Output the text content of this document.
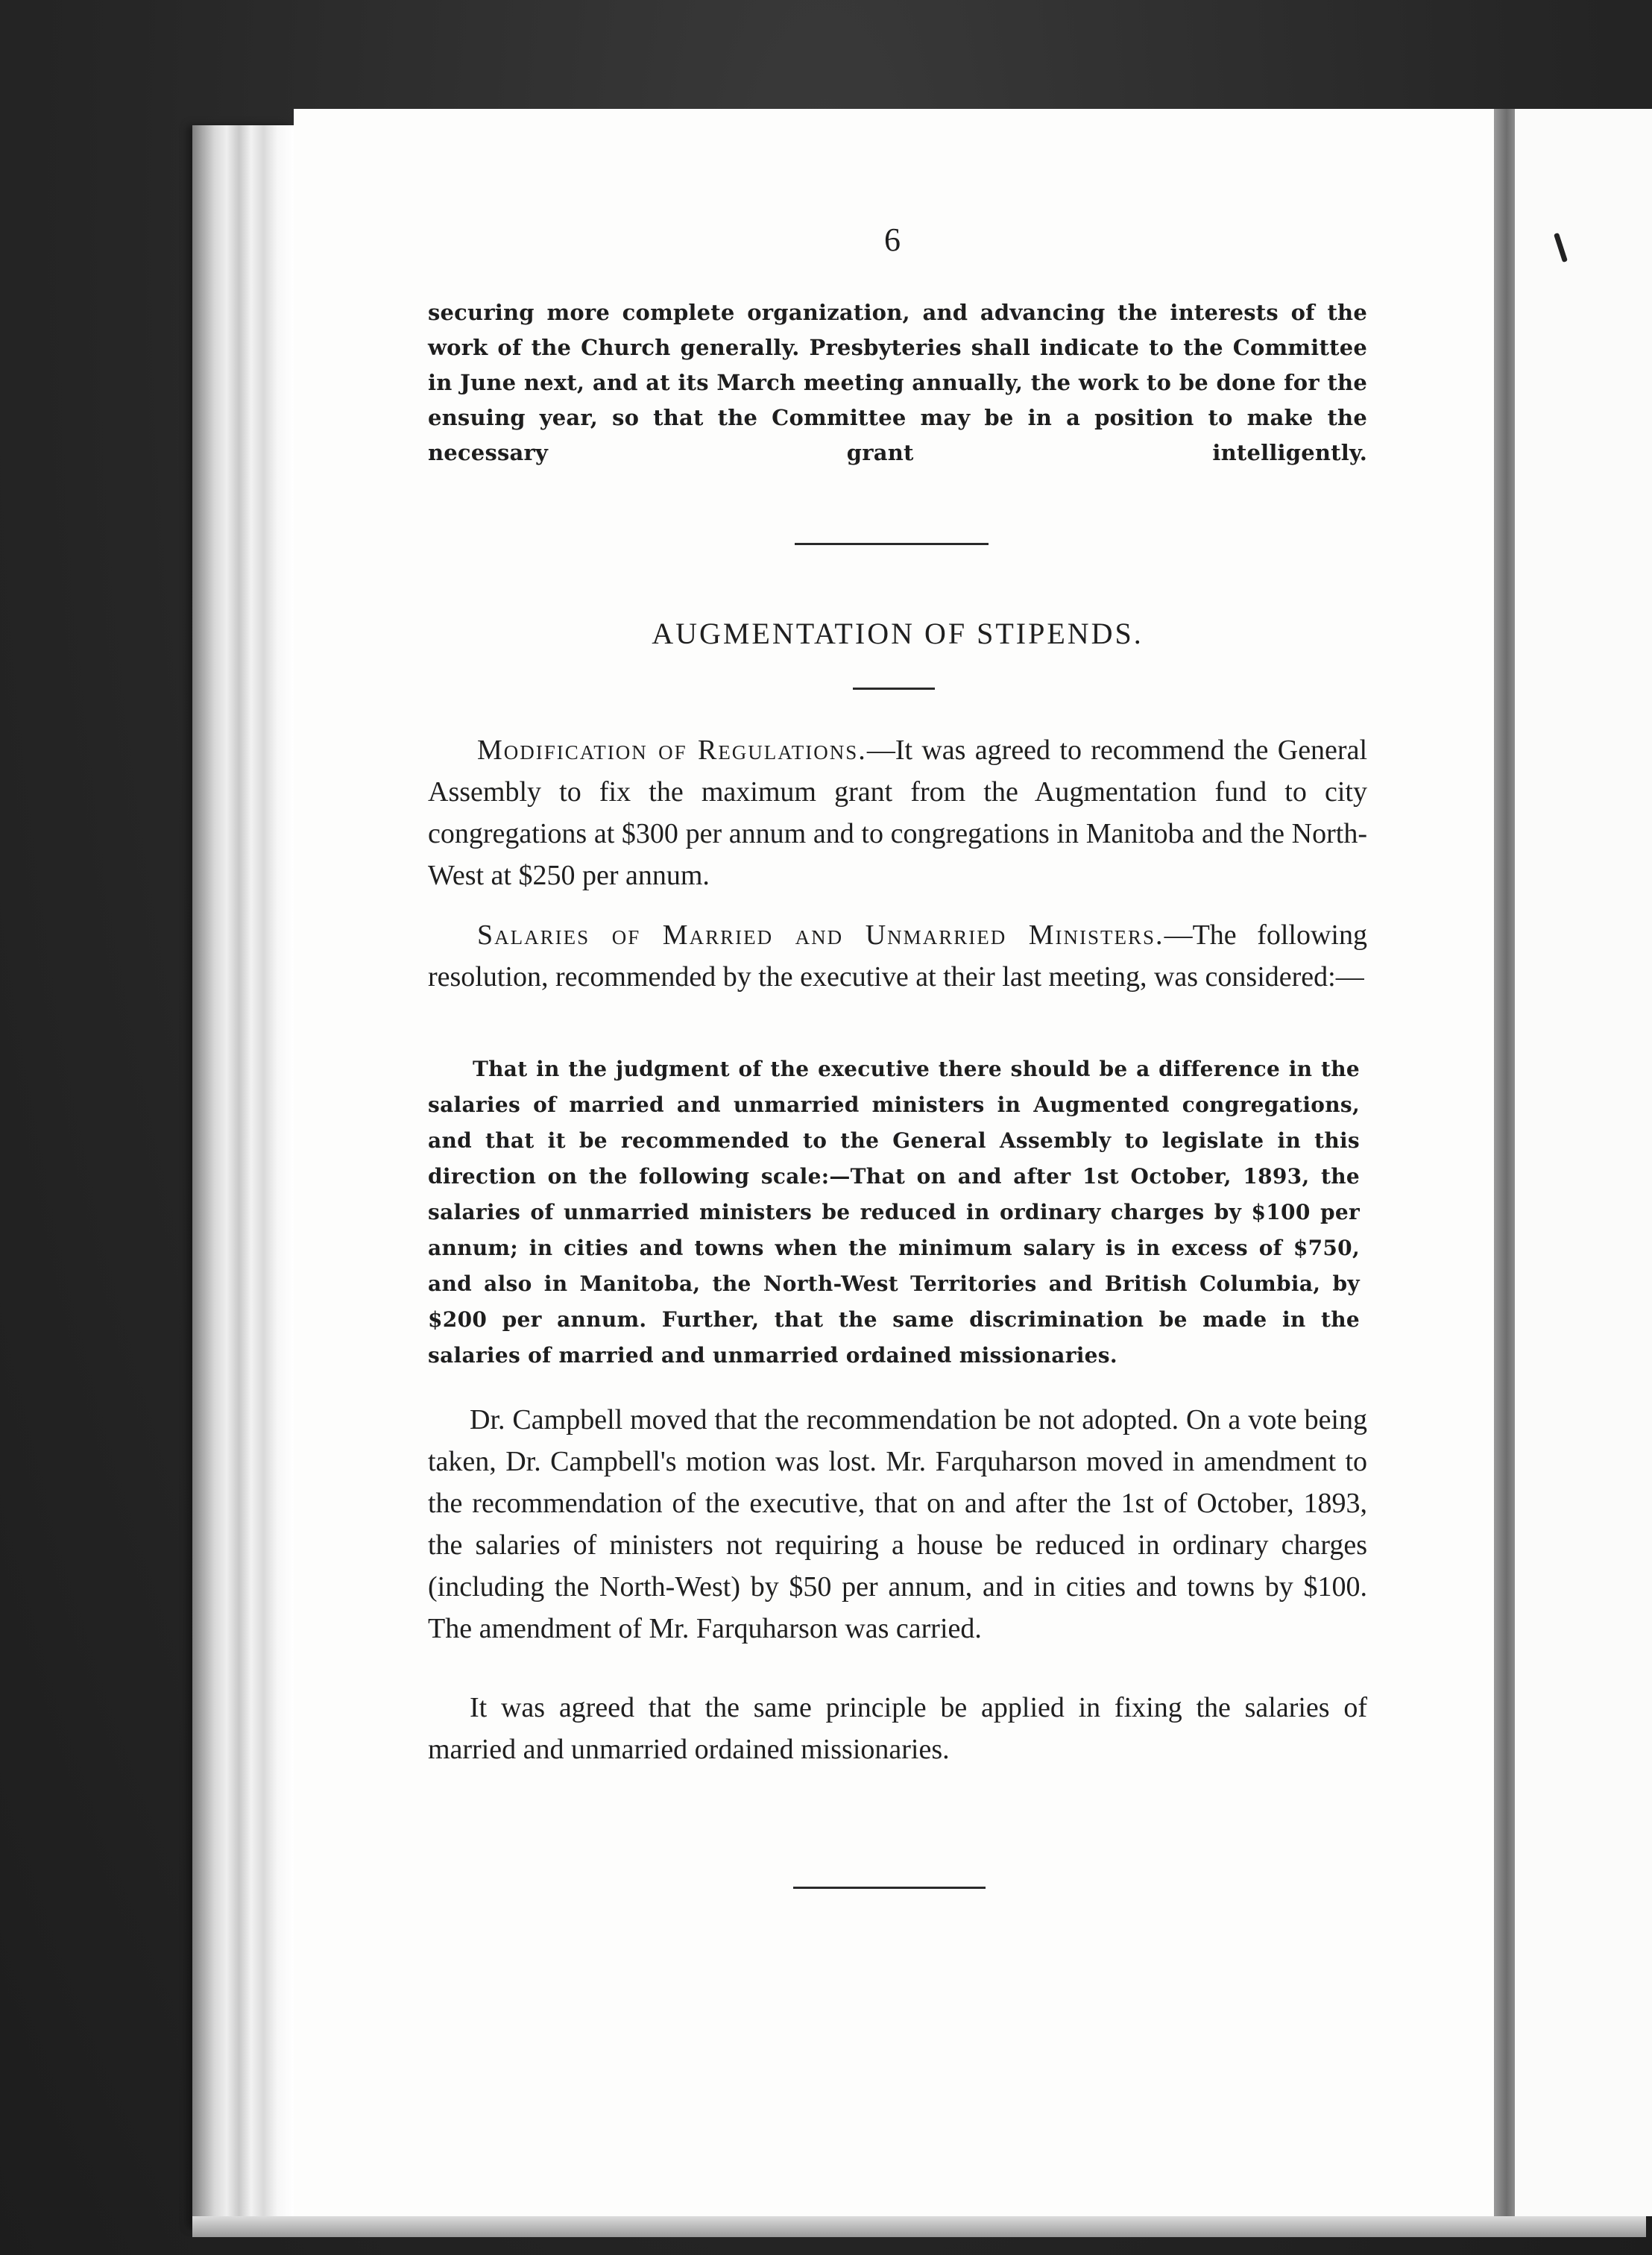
6
securing more complete organization, and advancing the interests of the work of the Church generally. Presbyteries shall indicate to the Committee in June next, and at its March meeting annually, the work to be done for the ensuing year, so that the Committee may be in a position to make the necessary grant intelligently.
AUGMENTATION OF STIPENDS.
Modification of Regulations.—It was agreed to recommend the General Assembly to fix the maximum grant from the Augmentation fund to city congregations at $300 per annum and to congregations in Manitoba and the North-West at $250 per annum.
Salaries of Married and Unmarried Ministers.—The following resolution, recommended by the executive at their last meeting, was considered:—
That in the judgment of the executive there should be a difference in the salaries of married and unmarried ministers in Augmented congregations, and that it be recommended to the General Assembly to legislate in this direction on the following scale:—That on and after 1st October, 1893, the salaries of unmarried ministers be reduced in ordinary charges by $100 per annum; in cities and towns when the minimum salary is in excess of $750, and also in Manitoba, the North-West Territories and British Columbia, by $200 per annum. Further, that the same discrimination be made in the salaries of married and unmarried ordained missionaries.
Dr. Campbell moved that the recommendation be not adopted. On a vote being taken, Dr. Campbell's motion was lost. Mr. Farquharson moved in amendment to the recommendation of the executive, that on and after the 1st of October, 1893, the salaries of ministers not requiring a house be reduced in ordinary charges (including the North-West) by $50 per annum, and in cities and towns by $100. The amendment of Mr. Farquharson was carried.
It was agreed that the same principle be applied in fixing the salaries of married and unmarried ordained missionaries.
